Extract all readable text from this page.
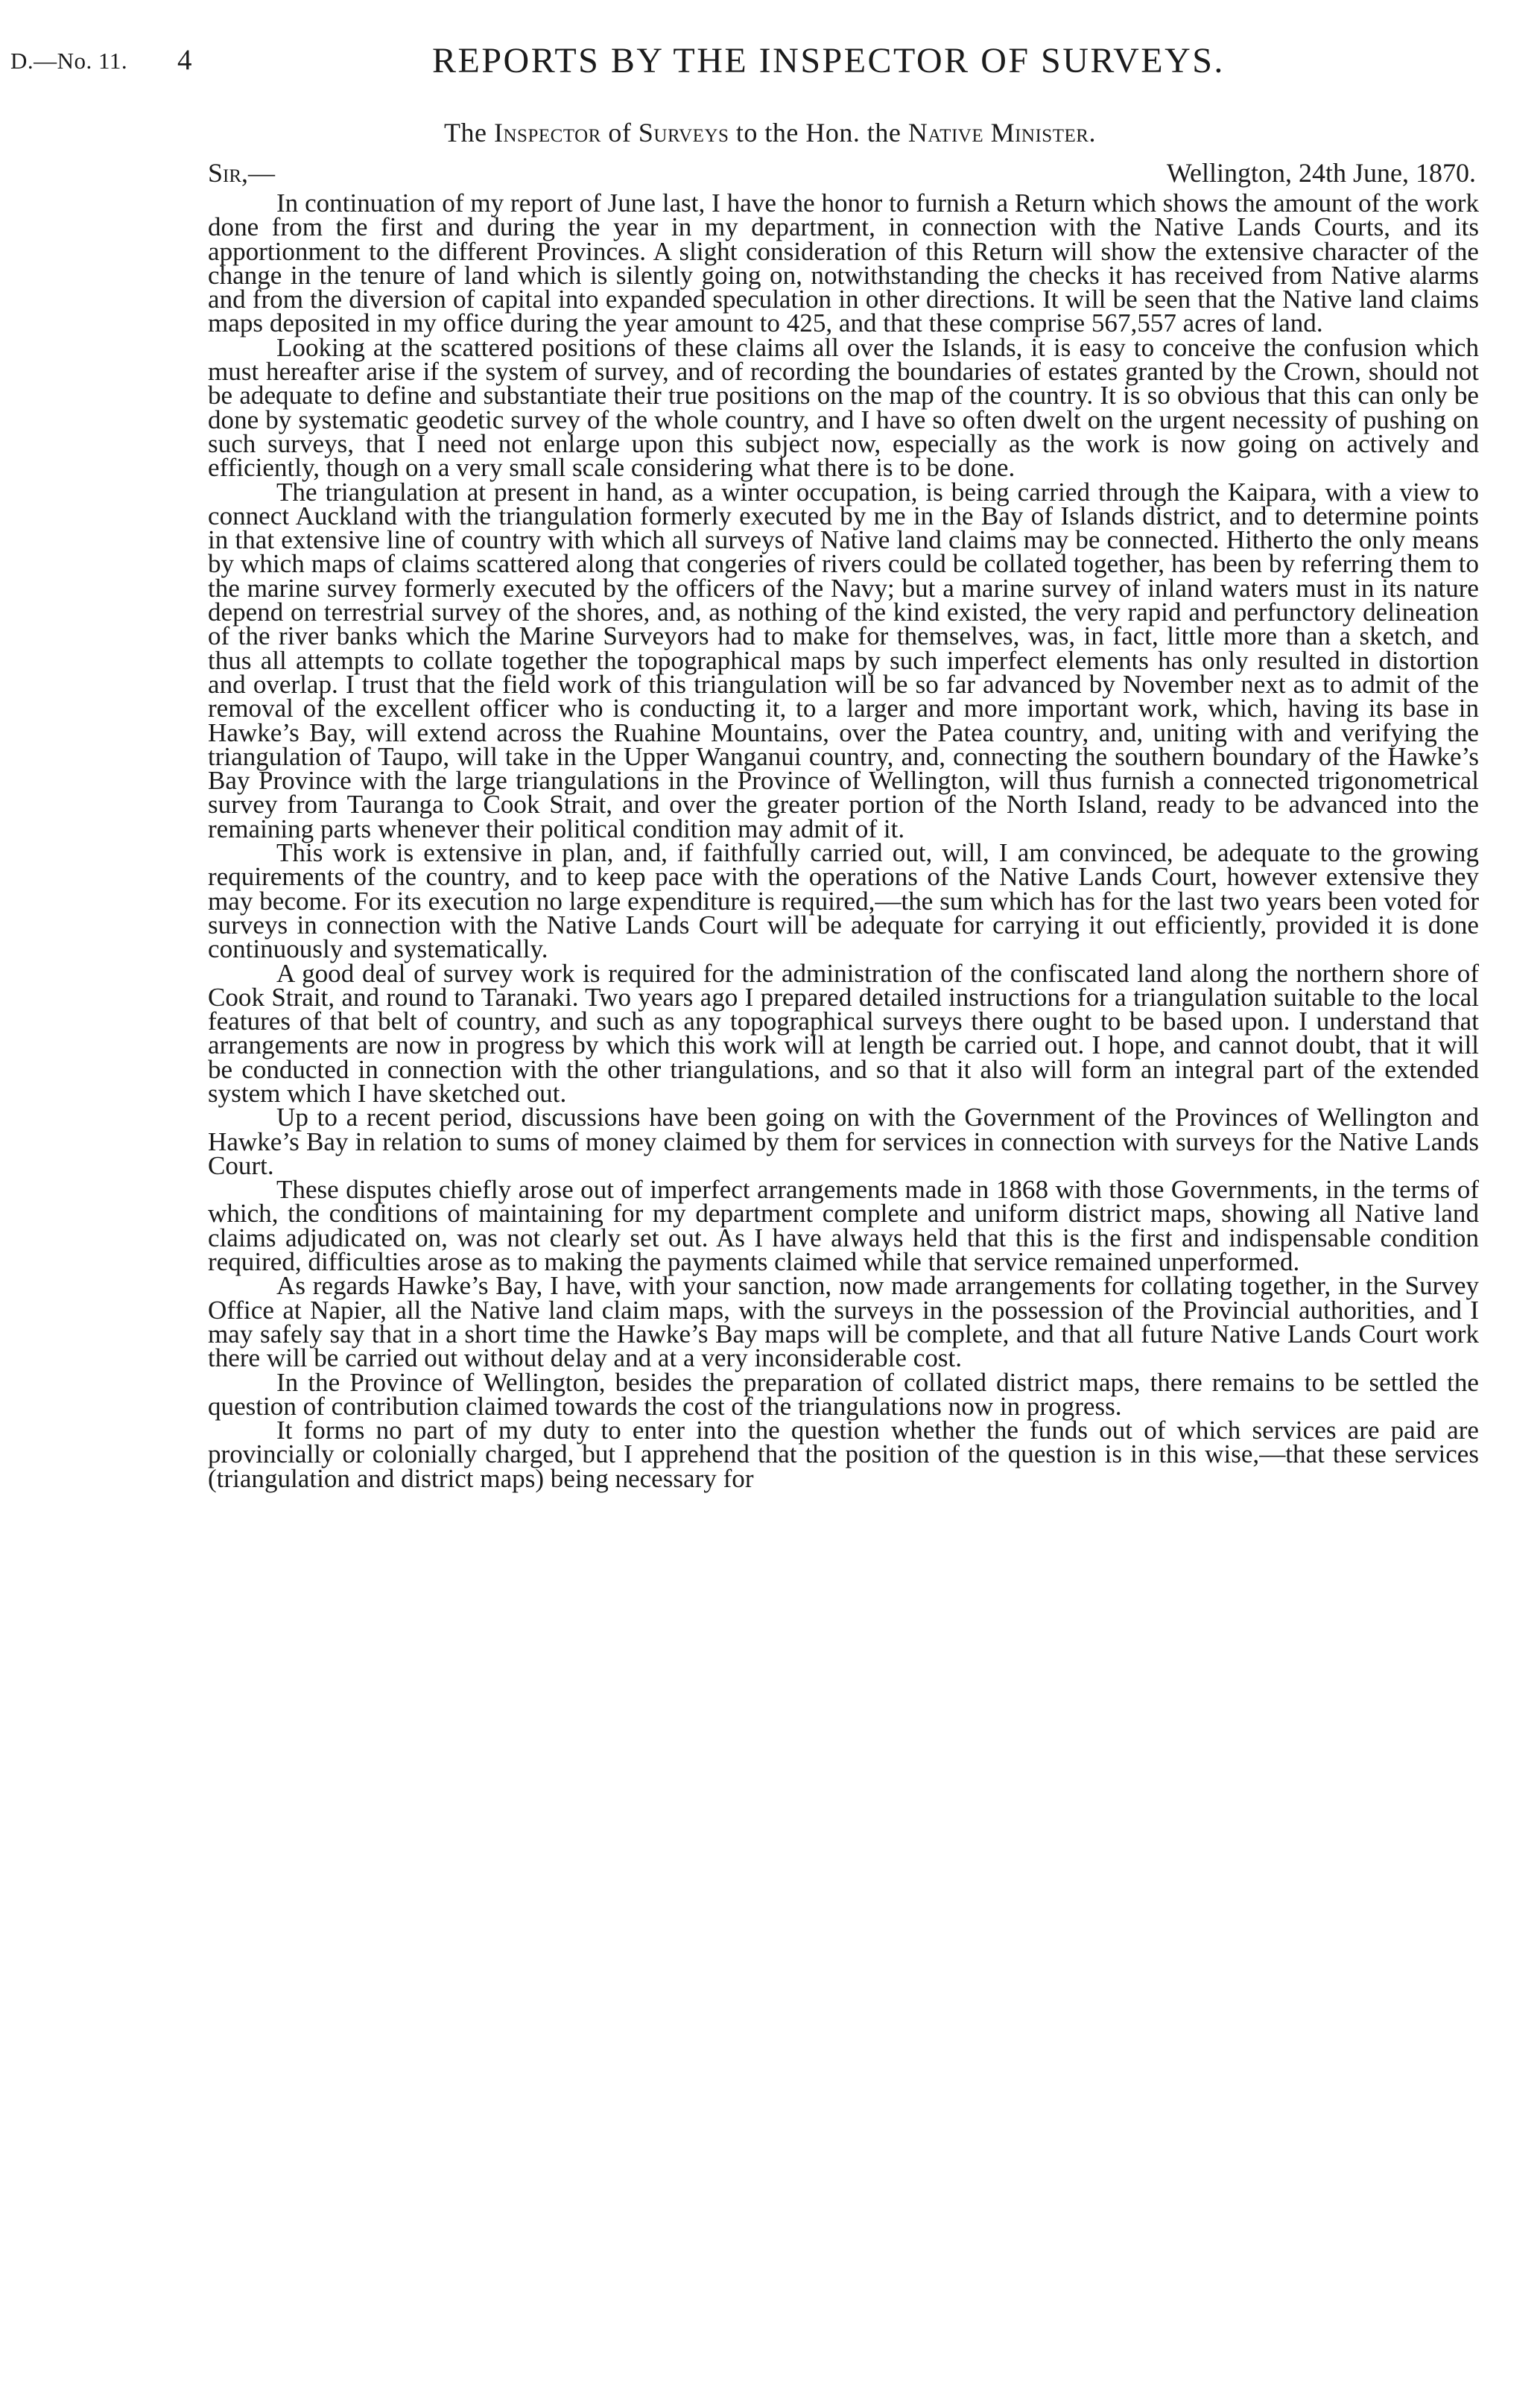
D.—No. 11. 4	REPORTS BY THE INSPECTOR OF SURVEYS.
The Inspector of Surveys to the Hon. the Native Minister.
Sir,—	Wellington, 24th June, 1870.

In continuation of my report of June last, I have the honor to furnish a Return which shows the amount of the work done from the first and during the year in my department, in connection with the Native Lands Courts, and its apportionment to the different Provinces. A slight consideration of this Return will show the extensive character of the change in the tenure of land which is silently going on, notwithstanding the checks it has received from Native alarms and from the diversion of capital into expanded speculation in other directions. It will be seen that the Native land claims maps deposited in my office during the year amount to 425, and that these comprise 567,557 acres of land.

Looking at the scattered positions of these claims all over the Islands, it is easy to conceive the confusion which must hereafter arise if the system of survey, and of recording the boundaries of estates granted by the Crown, should not be adequate to define and substantiate their true positions on the map of the country. It is so obvious that this can only be done by systematic geodetic survey of the whole country, and I have so often dwelt on the urgent necessity of pushing on such surveys, that I need not enlarge upon this subject now, especially as the work is now going on actively and efficiently, though on a very small scale considering what there is to be done.

The triangulation at present in hand, as a winter occupation, is being carried through the Kaipara, with a view to connect Auckland with the triangulation formerly executed by me in the Bay of Islands district, and to determine points in that extensive line of country with which all surveys of Native land claims may be connected. Hitherto the only means by which maps of claims scattered along that congeries of rivers could be collated together, has been by referring them to the marine survey formerly executed by the officers of the Navy; but a marine survey of inland waters must in its nature depend on terrestrial survey of the shores, and, as nothing of the kind existed, the very rapid and perfunctory delineation of the river banks which the Marine Surveyors had to make for themselves, was, in fact, little more than a sketch, and thus all attempts to collate together the topographical maps by such imperfect elements has only resulted in distortion and overlap. I trust that the field work of this triangulation will be so far advanced by November next as to admit of the removal of the excellent officer who is conducting it, to a larger and more important work, which, having its base in Hawke’s Bay, will extend across the Ruahine Mountains, over the Patea country, and, uniting with and verifying the triangulation of Taupo, will take in the Upper Wanganui country, and, connecting the southern boundary of the Hawke’s Bay Province with the large triangulations in the Province of Wellington, will thus furnish a connected trigonometrical survey from Tauranga to Cook Strait, and over the greater portion of the North Island, ready to be advanced into the remaining parts whenever their political condition may admit of it.

This work is extensive in plan, and, if faithfully carried out, will, I am convinced, be adequate to the growing requirements of the country, and to keep pace with the operations of the Native Lands Court, however extensive they may become. For its execution no large expenditure is required,—the sum which has for the last two years been voted for surveys in connection with the Native Lands Court will be adequate for carrying it out efficiently, provided it is done continuously and systematically.

A good deal of survey work is required for the administration of the confiscated land along the northern shore of Cook Strait, and round to Taranaki. Two years ago I prepared detailed instructions for a triangulation suitable to the local features of that belt of country, and such as any topographical surveys there ought to be based upon. I understand that arrangements are now in progress by which this work will at length be carried out. I hope, and cannot doubt, that it will be conducted in connection with the other triangulations, and so that it also will form an integral part of the extended system which I have sketched out.

Up to a recent period, discussions have been going on with the Government of the Provinces of Wellington and Hawke’s Bay in relation to sums of money claimed by them for services in connection with surveys for the Native Lands Court.

These disputes chiefly arose out of imperfect arrangements made in 1868 with those Governments, in the terms of which, the conditions of maintaining for my department complete and uniform district maps, showing all Native land claims adjudicated on, was not clearly set out. As I have always held that this is the first and indispensable condition required, difficulties arose as to making the payments claimed while that service remained unperformed.

As regards Hawke’s Bay, I have, with your sanction, now made arrangements for collating together, in the Survey Office at Napier, all the Native land claim maps, with the surveys in the possession of the Provincial authorities, and I may safely say that in a short time the Hawke’s Bay maps will be complete, and that all future Native Lands Court work there will be carried out without delay and at a very inconsiderable cost.

In the Province of Wellington, besides the preparation of collated district maps, there remains to be settled the question of contribution claimed towards the cost of the triangulations now in progress.

It forms no part of my duty to enter into the question whether the funds out of which services are paid are provincially or colonially charged, but I apprehend that the position of the question is in this wise,—that these services (triangulation and district maps) being necessary for
